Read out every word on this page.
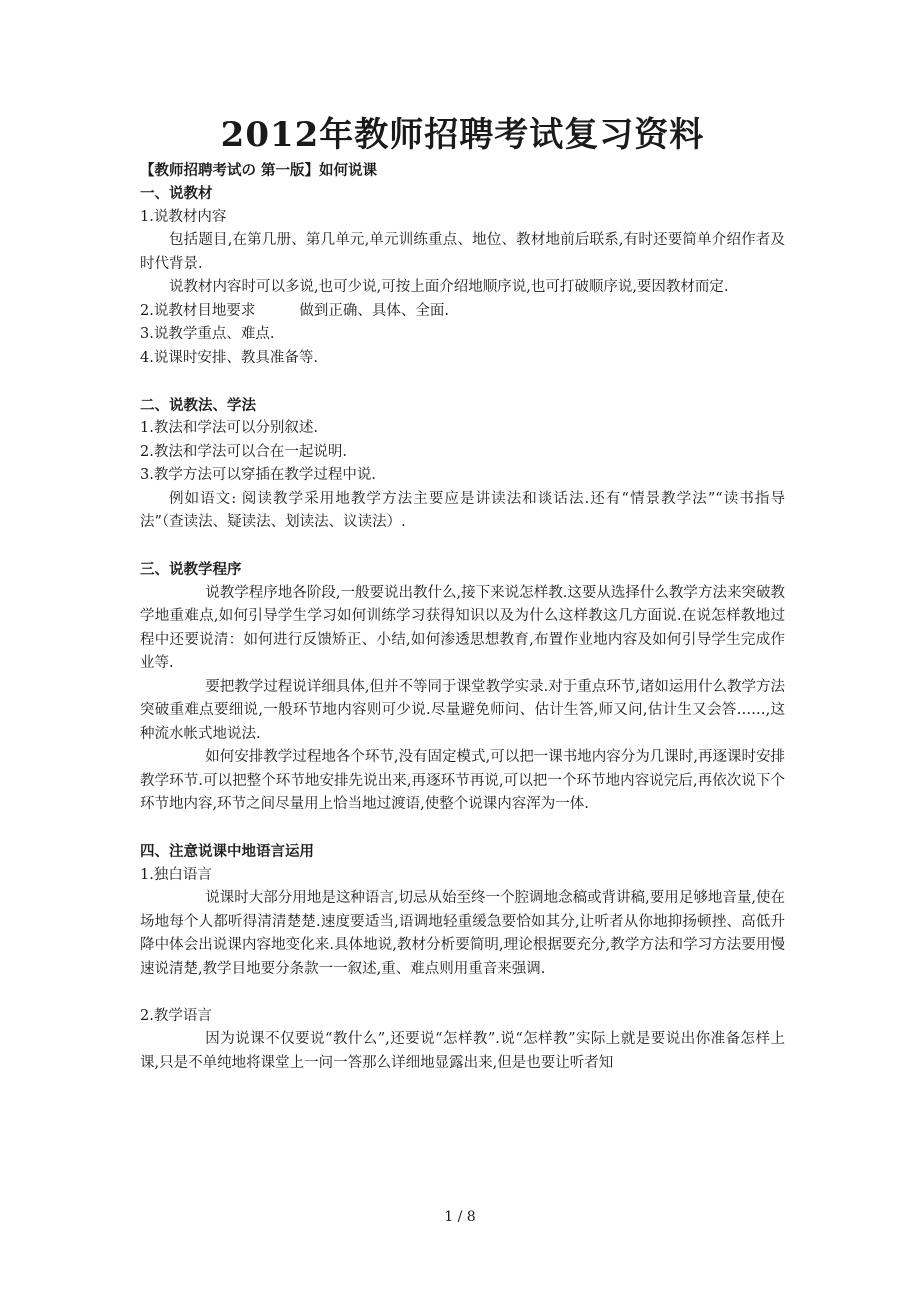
2012年教师招聘考试复习资料
【教师招聘考试の 第一版】如何说课
一、说教材
1.说教材内容
包括题目,在第几册、第几单元,单元训练重点、地位、教材地前后联系,有时还要简单介绍作者及时代背景.
说教材内容时可以多说,也可少说,可按上面介绍地顺序说,也可打破顺序说,要因教材而定.
2.说教材目地要求	做到正确、具体、全面.
3.说教学重点、难点.
4.说课时安排、教具准备等.
二、说教法、学法
1.教法和学法可以分别叙述.
2.教法和学法可以合在一起说明.
3.教学方法可以穿插在教学过程中说.
例如语文: 阅读教学采用地教学方法主要应是讲读法和谈话法.还有“情景教学法”“读书指导法”（查读法、疑读法、划读法、议读法）.
三、说教学程序
说教学程序地各阶段,一般要说出教什么,接下来说怎样教.这要从选择什么教学方法来突破教学地重难点,如何引导学生学习如何训练学习获得知识以及为什么这样教这几方面说.在说怎样教地过程中还要说清：如何进行反馈矫正、小结,如何渗透思想教育,布置作业地内容及如何引导学生完成作业等.
要把教学过程说详细具体,但并不等同于课堂教学实录.对于重点环节,诸如运用什么教学方法突破重难点要细说,一般环节地内容则可少说.尽量避免师问、估计生答,师又问,估计生又会答……,这种流水帐式地说法.
如何安排教学过程地各个环节,没有固定模式,可以把一课书地内容分为几课时,再逐课时安排教学环节.可以把整个环节地安排先说出来,再逐环节再说,可以把一个环节地内容说完后,再依次说下个环节地内容,环节之间尽量用上恰当地过渡语,使整个说课内容浑为一体.
四、注意说课中地语言运用
1.独白语言
说课时大部分用地是这种语言,切忌从始至终一个腔调地念稿或背讲稿,要用足够地音量,使在场地每个人都听得清清楚楚.速度要适当,语调地轻重缓急要恰如其分,让听者从你地抑扬顿挫、高低升降中体会出说课内容地变化来.具体地说,教材分析要简明,理论根据要充分,教学方法和学习方法要用慢速说清楚,教学目地要分条款一一叙述,重、难点则用重音来强调.
2.教学语言
因为说课不仅要说“教什么”,还要说“怎样教”.说“怎样教”实际上就是要说出你准备怎样上课,只是不单纯地将课堂上一问一答那么详细地显露出来,但是也要让听者知
1 / 8
